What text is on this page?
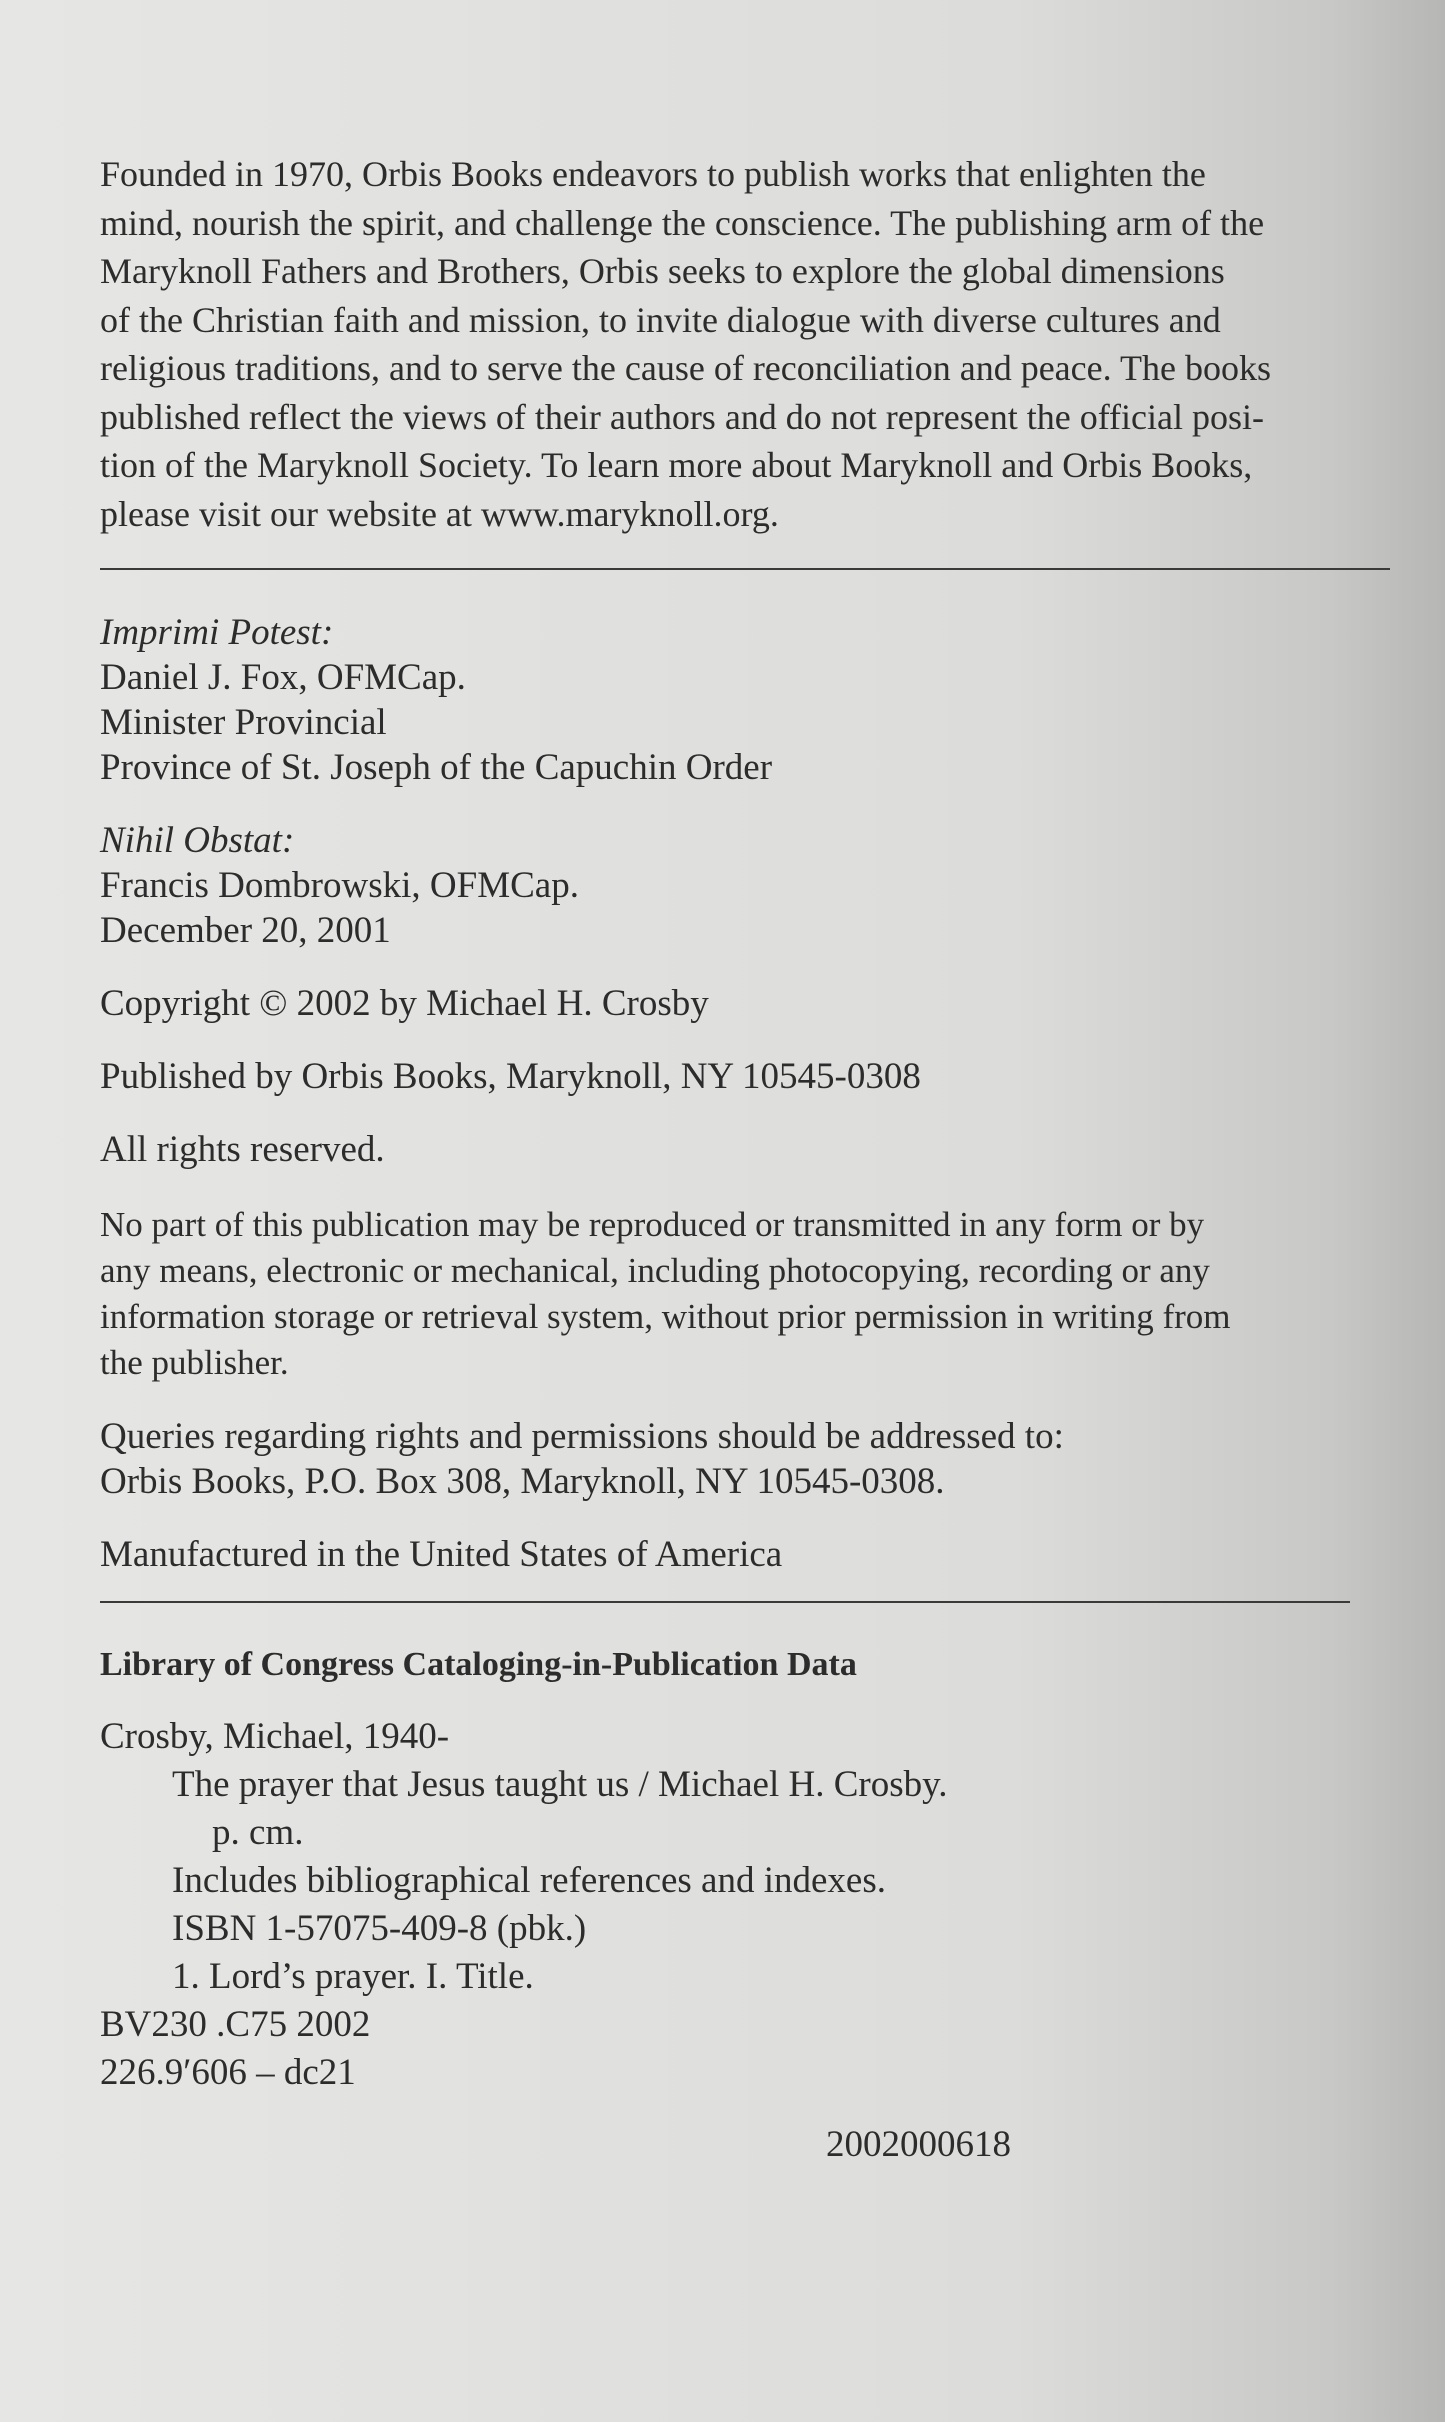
Founded in 1970, Orbis Books endeavors to publish works that enlighten the

mind, nourish the spirit, and challenge the conscience. The publishing arm of the

Maryknoll Fathers and Brothers, Orbis seeks to explore the global dimensions

of the Christian faith and mission, to invite dialogue with diverse cultures and

religious traditions, and to serve the cause of reconciliation and peace. The books

published reflect the views of their authors and do not represent the official posi-

tion of the Maryknoll Society. To learn more about Maryknoll and Orbis Books,

please visit our website at www.maryknoll.org.

Imprimi Potest:
Daniel J. Fox, OFMCap.
Minister Provincial
Province of St. Joseph of the Capuchin Order
Nihil Obstat:
Francis Dombrowski, OFMCap.
December 20, 2001
Copyright © 2002 by Michael H. Crosby
Published by Orbis Books, Maryknoll, NY 10545-0308
All rights reserved.
No part of this publication may be reproduced or transmitted in any form or by
any means, electronic or mechanical, including photocopying, recording or any
information storage or retrieval system, without prior permission in writing from
the publisher.
Queries regarding rights and permissions should be addressed to:
Orbis Books, P.O. Box 308, Maryknoll, NY 10545-0308.
Manufactured in the United States of America
Library of Congress Cataloging-in-Publication Data
Crosby, Michael, 1940-
The prayer that Jesus taught us / Michael H. Crosby.
p. cm.
Includes bibliographical references and indexes.
ISBN 1-57075-409-8 (pbk.)
1. Lord’s prayer. I. Title.
BV230 .C75 2002
226.9′606 – dc21
2002000618
